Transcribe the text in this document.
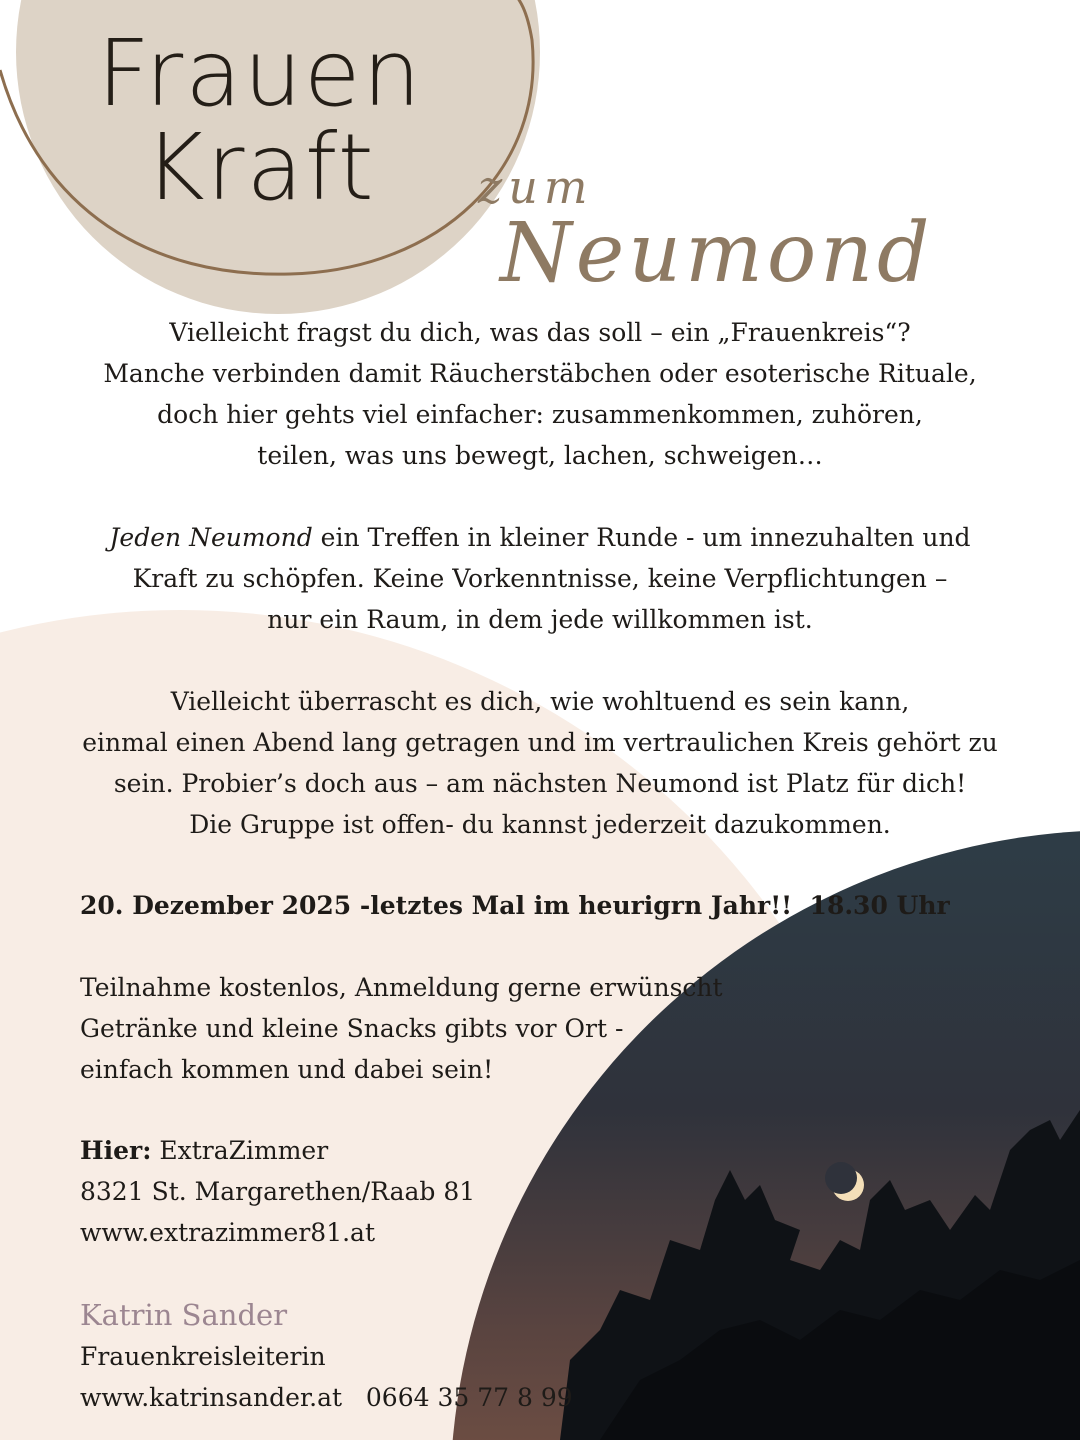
Frauen
Kraft	zum
Neumond
Vielleicht fragst du dich, was das soll – ein „Frauenkreis“?
Manche verbinden damit Räucherstäbchen oder esoterische Rituale,
doch hier gehts viel einfacher: zusammenkommen, zuhören,
teilen, was uns bewegt, lachen, schweigen…
Jeden Neumond ein Treffen in kleiner Runde - um innezuhalten und
Kraft zu schöpfen. Keine Vorkenntnisse, keine Verpflichtungen –
nur ein Raum, in dem jede willkommen ist.
Vielleicht überrascht es dich, wie wohltuend es sein kann,
einmal einen Abend lang getragen und im vertraulichen Kreis gehört zu
sein. Probier’s doch aus – am nächsten Neumond ist Platz für dich!
Die Gruppe ist offen- du kannst jederzeit dazukommen.
20. Dezember 2025 -letztes Mal im heurigrn Jahr!!  18.30 Uhr
Teilnahme kostenlos, Anmeldung gerne erwünscht
Getränke und kleine Snacks gibts vor Ort -
einfach kommen und dabei sein!
Hier: ExtraZimmer
8321 St. Margarethen/Raab 81
www.extrazimmer81.at
Katrin Sander
Frauenkreisleiterin
www.katrinsander.at   0664 35 77 8 99
